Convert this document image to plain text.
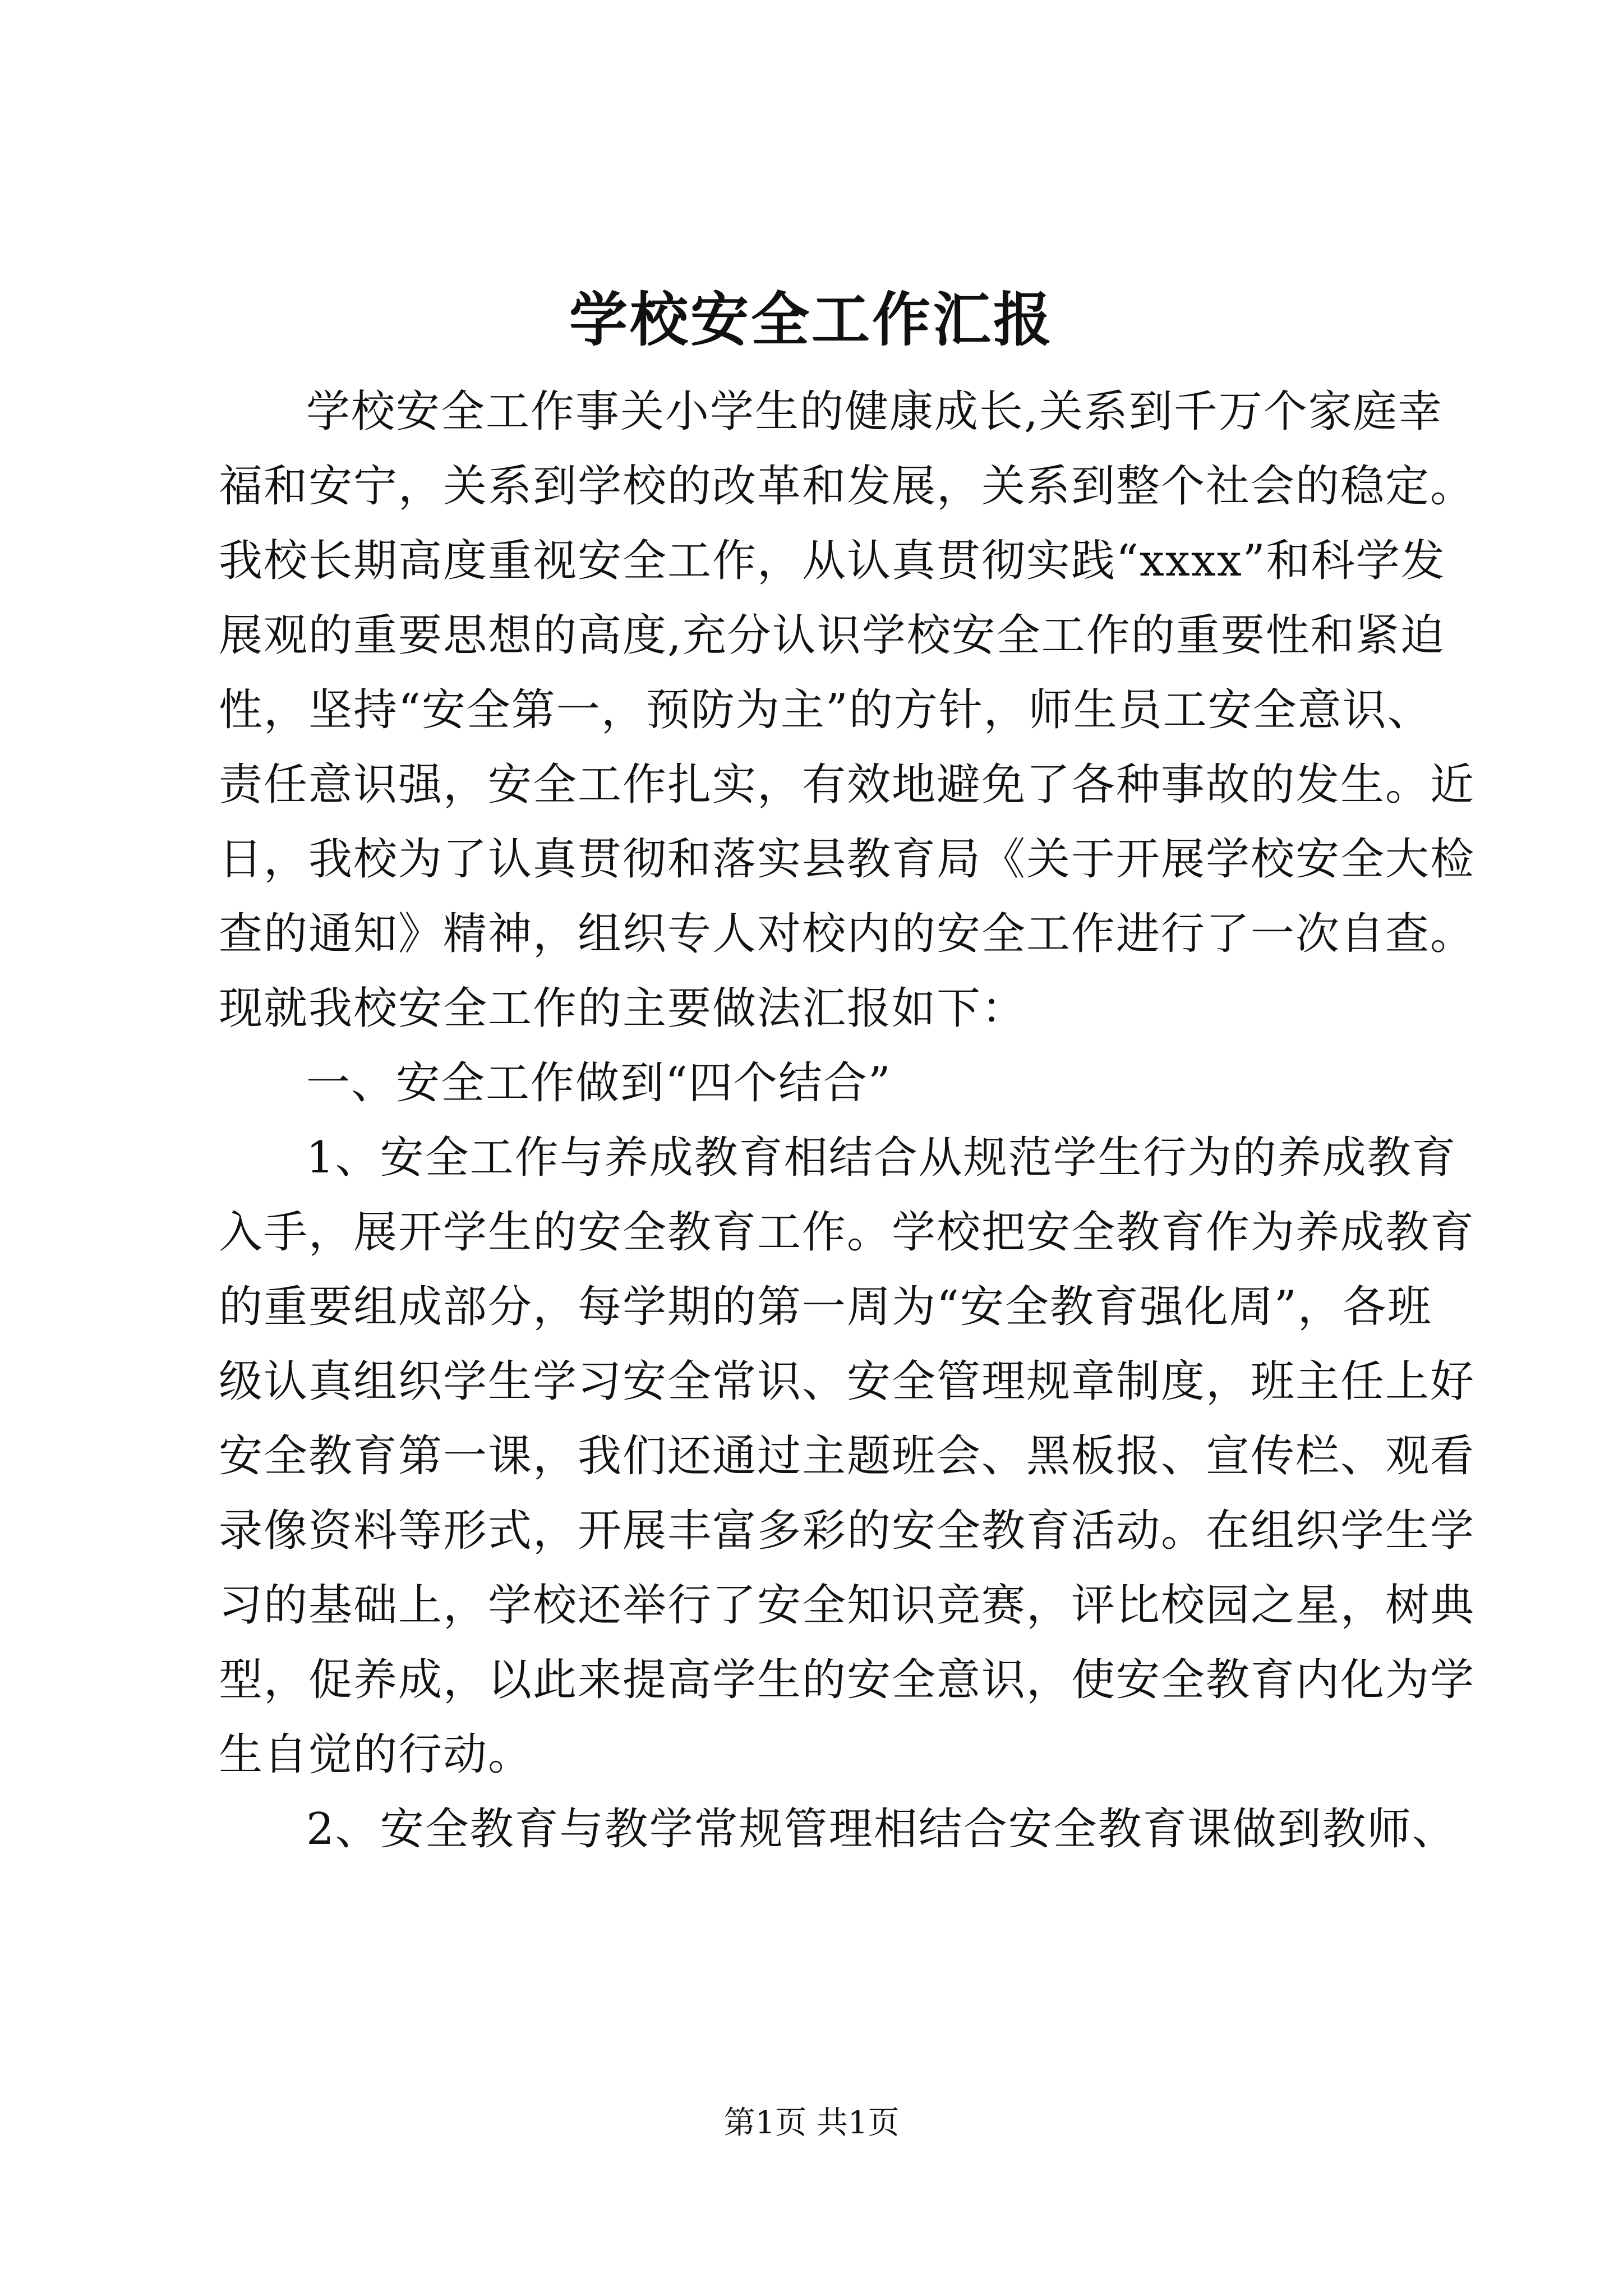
学校安全工作汇报
学校安全工作事关小学生的健康成长,关系到千万个家庭幸
福和安宁，关系到学校的改革和发展，关系到整个社会的稳定。
我校长期高度重视安全工作，从认真贯彻实践“xxxx”和科学发
展观的重要思想的高度,充分认识学校安全工作的重要性和紧迫
性，坚持“安全第一，预防为主”的方针，师生员工安全意识、
责任意识强，安全工作扎实，有效地避免了各种事故的发生。近
日，我校为了认真贯彻和落实县教育局《关于开展学校安全大检
查的通知》精神，组织专人对校内的安全工作进行了一次自查。
现就我校安全工作的主要做法汇报如下：
一、安全工作做到“四个结合”
1、安全工作与养成教育相结合从规范学生行为的养成教育
入手，展开学生的安全教育工作。学校把安全教育作为养成教育
的重要组成部分，每学期的第一周为“安全教育强化周”，各班
级认真组织学生学习安全常识、安全管理规章制度，班主任上好
安全教育第一课，我们还通过主题班会、黑板报、宣传栏、观看
录像资料等形式，开展丰富多彩的安全教育活动。在组织学生学
习的基础上，学校还举行了安全知识竞赛，评比校园之星，树典
型，促养成，以此来提高学生的安全意识，使安全教育内化为学
生自觉的行动。
2、安全教育与教学常规管理相结合安全教育课做到教师、
第1页 共1页
